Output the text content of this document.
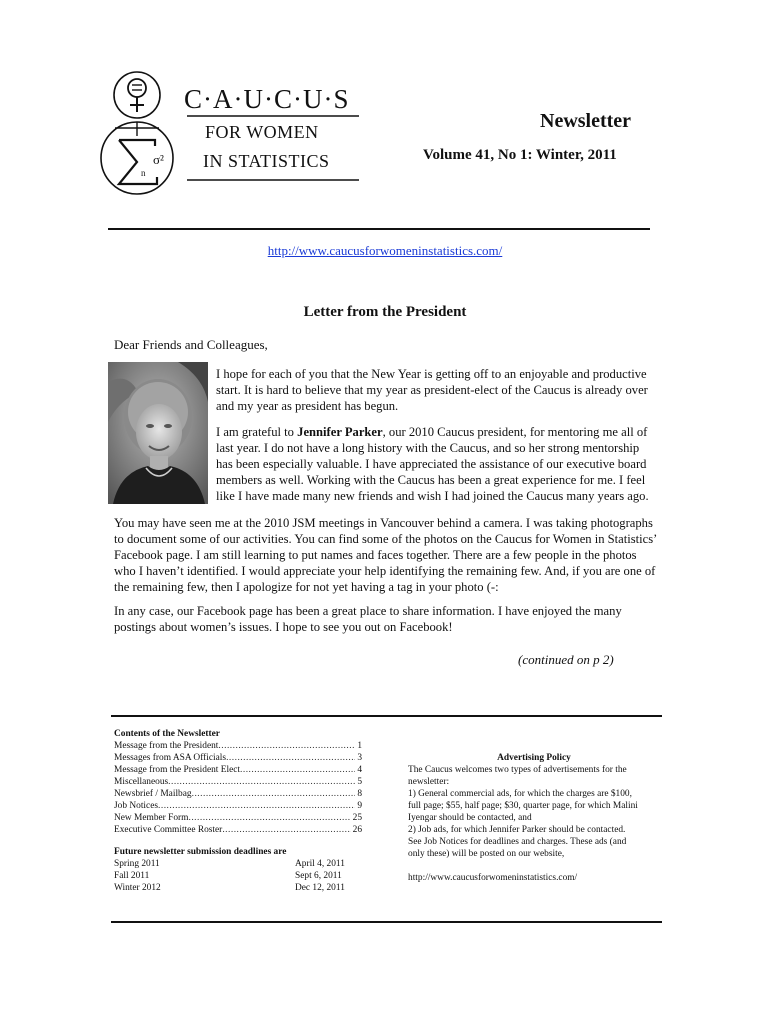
σ²
n
C·A·U·C·U·S
FOR WOMEN
IN STATISTICS
Newsletter
Volume 41, No 1: Winter, 2011
http://www.caucusforwomeninstatistics.com/
Letter from the President
Dear Friends and Colleagues,

I hope for each of you that the New Year is getting off to an enjoyable and productive start. It is hard to believe that my year as president-elect of the Caucus is already over and my year as president has begun.

I am grateful to Jennifer Parker, our 2010 Caucus president, for mentoring me all of last year. I do not have a long history with the Caucus, and so her strong mentorship has been especially valuable. I have appreciated the assistance of our executive board members as well. Working with the Caucus has been a great experience for me. I feel like I have made many new friends and wish I had joined the Caucus many years ago.

You may have seen me at the 2010 JSM meetings in Vancouver behind a camera. I was taking photographs to document some of our activities. You can find some of the photos on the Caucus for Women in Statistics’ Facebook page. I am still learning to put names and faces together. There are a few people in the photos who I haven’t identified. I would appreciate your help identifying the remaining few. And, if you are one of the remaining few, then I apologize for not yet having a tag in your photo (-:

In any case, our Facebook page has been a great place to share information. I have enjoyed the many postings about women’s issues. I hope to see you out on Facebook!

(continued on p 2)
Contents of the Newsletter
Message from the President .....	1
Messages from ASA Officials .....	3
Message from the President Elect .....	4
Miscellaneous .....	5
Newsbrief / Mailbag .....	8
Job Notices .....	9
New Member Form .....	25
Executive Committee Roster .....	26
Future newsletter submission deadlines are
Spring 2011	April 4, 2011
Fall 2011	Sept 6, 2011
Winter 2012	Dec 12, 2011
Advertising Policy
The Caucus welcomes two types of advertisements for the
newsletter:
1) General commercial ads, for which the charges are $100,
full page; $55, half page; $30, quarter page, for which Malini
Iyengar should be contacted, and
2) Job ads, for which Jennifer Parker should be contacted.
See Job Notices for deadlines and charges. These ads (and
only these) will be posted on our website,
http://www.caucusforwomeninstatistics.com/
